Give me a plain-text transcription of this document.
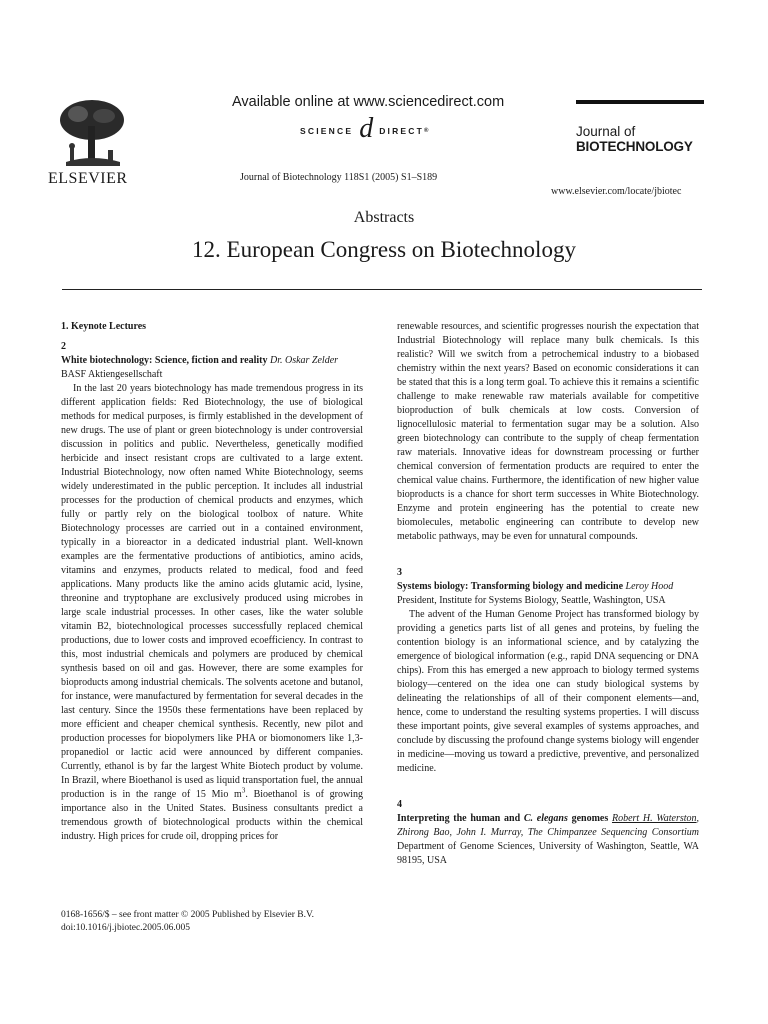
ELSEVIER
Available online at www.sciencedirect.com
SCIENCE d DIRECT ®
Journal of Biotechnology 118S1 (2005) S1–S189
Journal of
BIOTECHNOLOGY
www.elsevier.com/locate/jbiotec
Abstracts
12. European Congress on Biotechnology

1. Keynote Lectures

2

White biotechnology: Science, fiction and reality Dr. Oskar Zelder

BASF Aktiengesellschaft

In the last 20 years biotechnology has made tremendous progress in its different application fields: Red Biotechnology, the use of biological methods for medical purposes, is firmly established in the development of new drugs. The use of plant or green biotechnology is under controversial discussion in politics and public. Nevertheless, genetically modified herbicide and insect resistant crops are cultivated to a large extent. Industrial Biotechnology, now often named White Biotechnology, seems widely underestimated in the public perception. It includes all industrial processes for the production of chemical products and enzymes, which fully or partly rely on the biological toolbox of nature. White Biotechnology processes are carried out in a contained environment, typically in a bioreactor in a dedicated industrial plant. Well-known examples are the fermentative productions of antibiotics, amino acids, vitamins and enzymes, products related to medical, food and feed applications. Many products like the amino acids glutamic acid, lysine, threonine and tryptophane are exclusively produced using microbes in large scale industrial processes. In other cases, like the water soluble vitamin B2, biotechnological processes successfully replaced chemical productions, due to lower costs and improved ecoefficiency. In contrast to this, most industrial chemicals and polymers are produced by chemical synthesis based on oil and gas. However, there are some examples for bioproducts among industrial chemicals. The solvents acetone and butanol, for instance, were manufactured by fermentation for several decades in the last century. Since the 1950s these fermentations have been replaced by more efficient and cheaper chemical synthesis. Recently, new pilot and production processes for biopolymers like PHA or biomonomers like 1,3-propanediol or lactic acid were announced by different companies. Currently, ethanol is by far the largest White Biotech product by volume. In Brazil, where Bioethanol is used as liquid transportation fuel, the annual production is in the range of 15 Mio $m^3$. Bioethanol is of growing importance also in the United States. Business consultants predict a tremendous growth of biotechnological products within the chemical industry. High prices for crude oil, dropping prices for

renewable resources, and scientific progresses nourish the expectation that Industrial Biotechnology will replace many bulk chemicals. Is this realistic? Will we switch from a petrochemical industry to a biobased chemistry within the next years? Based on economic considerations it can be stated that this is a long term goal. To achieve this it remains a scientific challenge to make renewable raw materials available for competitive bioproduction of bulk chemicals at low costs. Conversion of lignocellulosic material to fermentation sugar may be a solution. Also green biotechnology can contribute to the supply of cheap fermentation raw materials. Innovative ideas for downstream processing or further chemical conversion of fermentation products are required to enter the chemical value chains. Furthermore, the identification of new higher value bioproducts is a chance for short term successes in White Biotechnology. Enzyme and protein engineering has the potential to create new biomolecules, metabolic engineering can contribute to develop new metabolic pathways, may be even for unnatural compounds.

3

Systems biology: Transforming biology and medicine Leroy Hood

President, Institute for Systems Biology, Seattle, Washington, USA

The advent of the Human Genome Project has transformed biology by providing a genetics parts list of all genes and proteins, by fueling the contention biology is an informational science, and by catalyzing the emergence of biological information (e.g., rapid DNA sequencing or DNA chips). From this has emerged a new approach to biology termed systems biology—centered on the idea one can study biological systems by delineating the relationships of all of their component elements—and, hence, come to understand the resulting systems properties. I will discuss these important points, give several examples of systems approaches, and conclude by discussing the profound change systems biology will engender in medicine—moving us toward a predictive, preventive, and personalized medicine.

4

Interpreting the human and C. elegans genomes Robert H. Waterston, Zhirong Bao, John I. Murray, The Chimpanzee Sequencing Consortium Department of Genome Sciences, University of Washington, Seattle, WA 98195, USA

0168-1656/$ – see front matter © 2005 Published by Elsevier B.V.
doi:10.1016/j.jbiotec.2005.06.005
